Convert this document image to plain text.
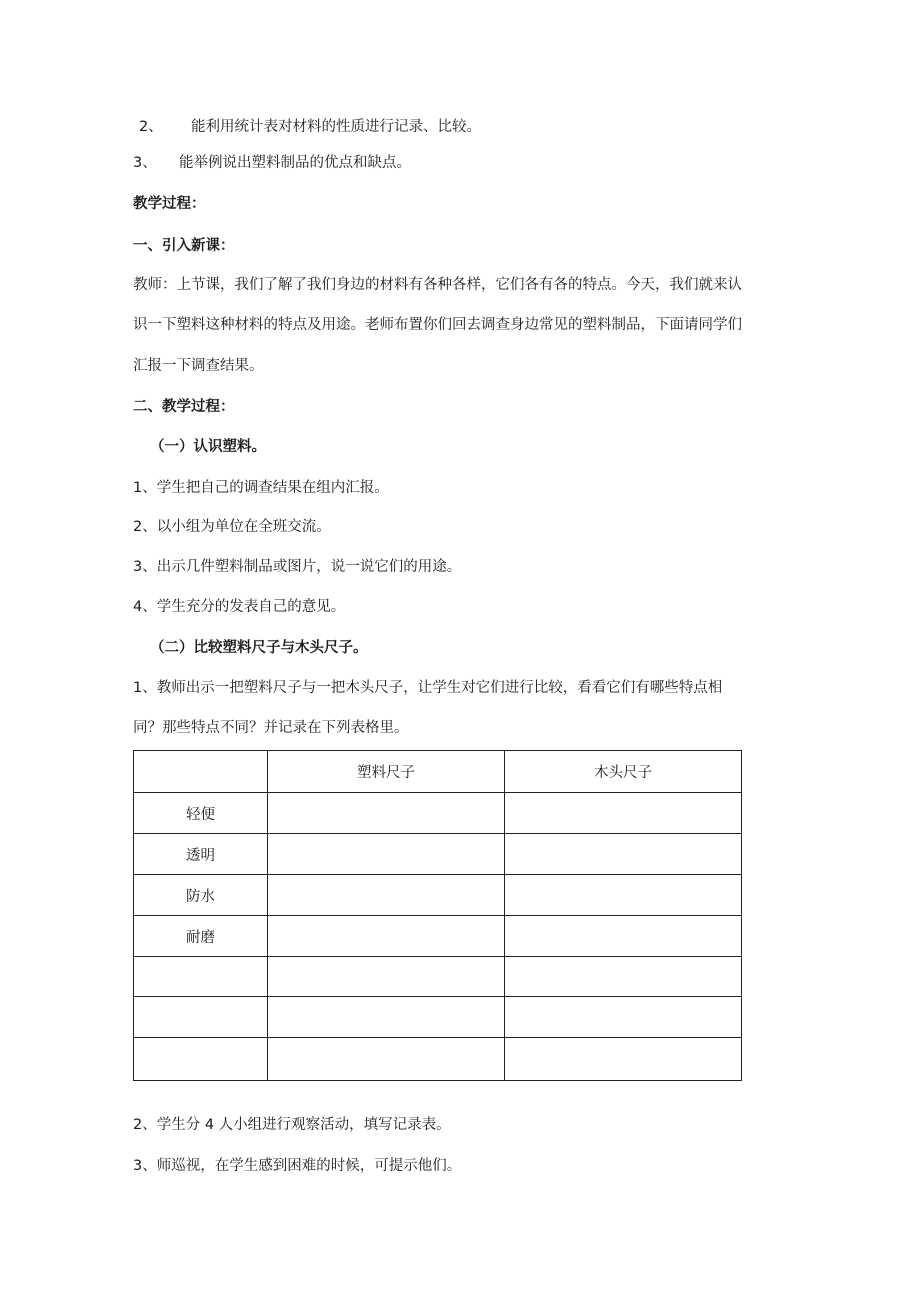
2、 能利用统计表对材料的性质进行记录、比较。
3、 能举例说出塑料制品的优点和缺点。
教学过程：
一、引入新课：
教师：上节课，我们了解了我们身边的材料有各种各样，它们各有各的特点。今天，我们就来认
识一下塑料这种材料的特点及用途。老师布置你们回去调查身边常见的塑料制品，下面请同学们
汇报一下调查结果。
二、教学过程：
（一）认识塑料。
1、学生把自己的调查结果在组内汇报。
2、以小组为单位在全班交流。
3、出示几件塑料制品或图片，说一说它们的用途。
4、学生充分的发表自己的意见。
（二）比较塑料尺子与木头尺子。
1、教师出示一把塑料尺子与一把木头尺子，让学生对它们进行比较，看看它们有哪些特点相
同？那些特点不同？并记录在下列表格里。
	塑料尺子	木头尺子
轻便		
透明		
防水		
耐磨		

2、学生分 4 人小组进行观察活动，填写记录表。
3、师巡视，在学生感到困难的时候，可提示他们。
